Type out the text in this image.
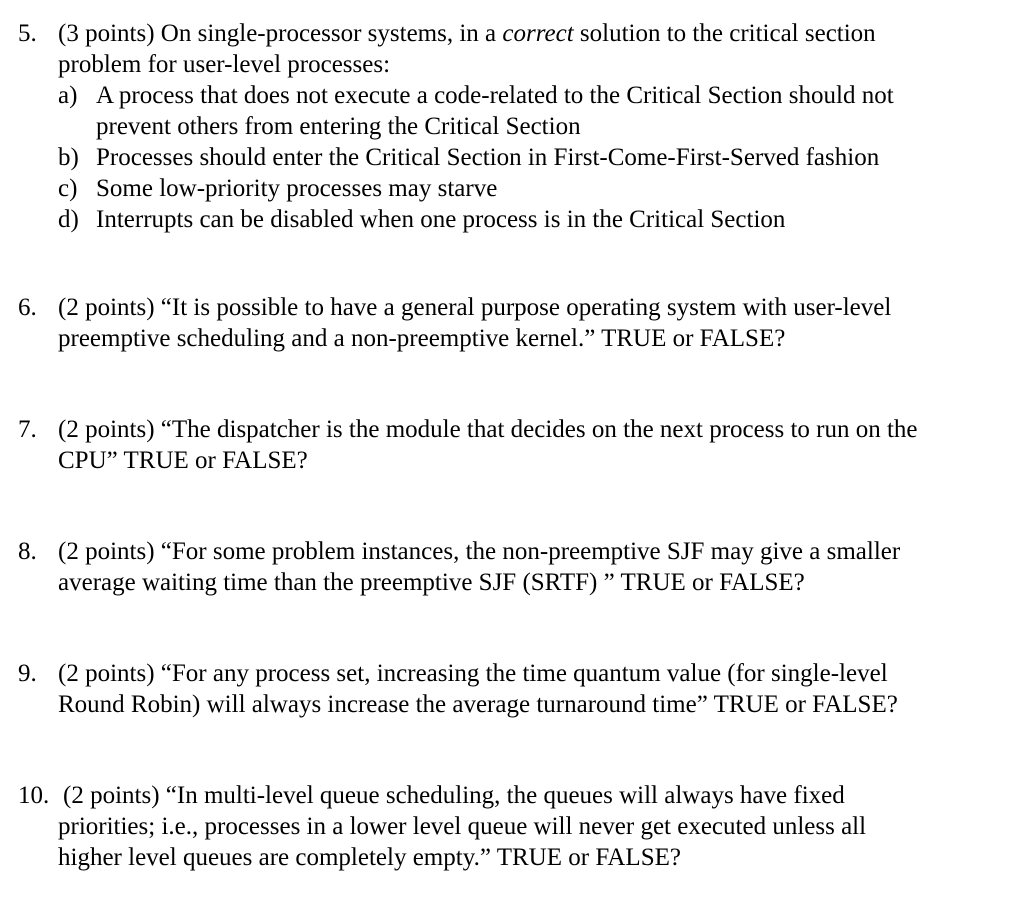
5. (3 points) On single-processor systems, in a correct solution to the critical section
problem for user-level processes:
a) A process that does not execute a code-related to the Critical Section should not
prevent others from entering the Critical Section
b) Processes should enter the Critical Section in First-Come-First-Served fashion
c) Some low-priority processes may starve
d) Interrupts can be disabled when one process is in the Critical Section
6. (2 points) “It is possible to have a general purpose operating system with user-level
preemptive scheduling and a non-preemptive kernel.” TRUE or FALSE?
7. (2 points) “The dispatcher is the module that decides on the next process to run on the
CPU” TRUE or FALSE?
8. (2 points) “For some problem instances, the non-preemptive SJF may give a smaller
average waiting time than the preemptive SJF (SRTF) ” TRUE or FALSE?
9. (2 points) “For any process set, increasing the time quantum value (for single-level
Round Robin) will always increase the average turnaround time” TRUE or FALSE?
10. (2 points) “In multi-level queue scheduling, the queues will always have fixed
priorities; i.e., processes in a lower level queue will never get executed unless all
higher level queues are completely empty.” TRUE or FALSE?
